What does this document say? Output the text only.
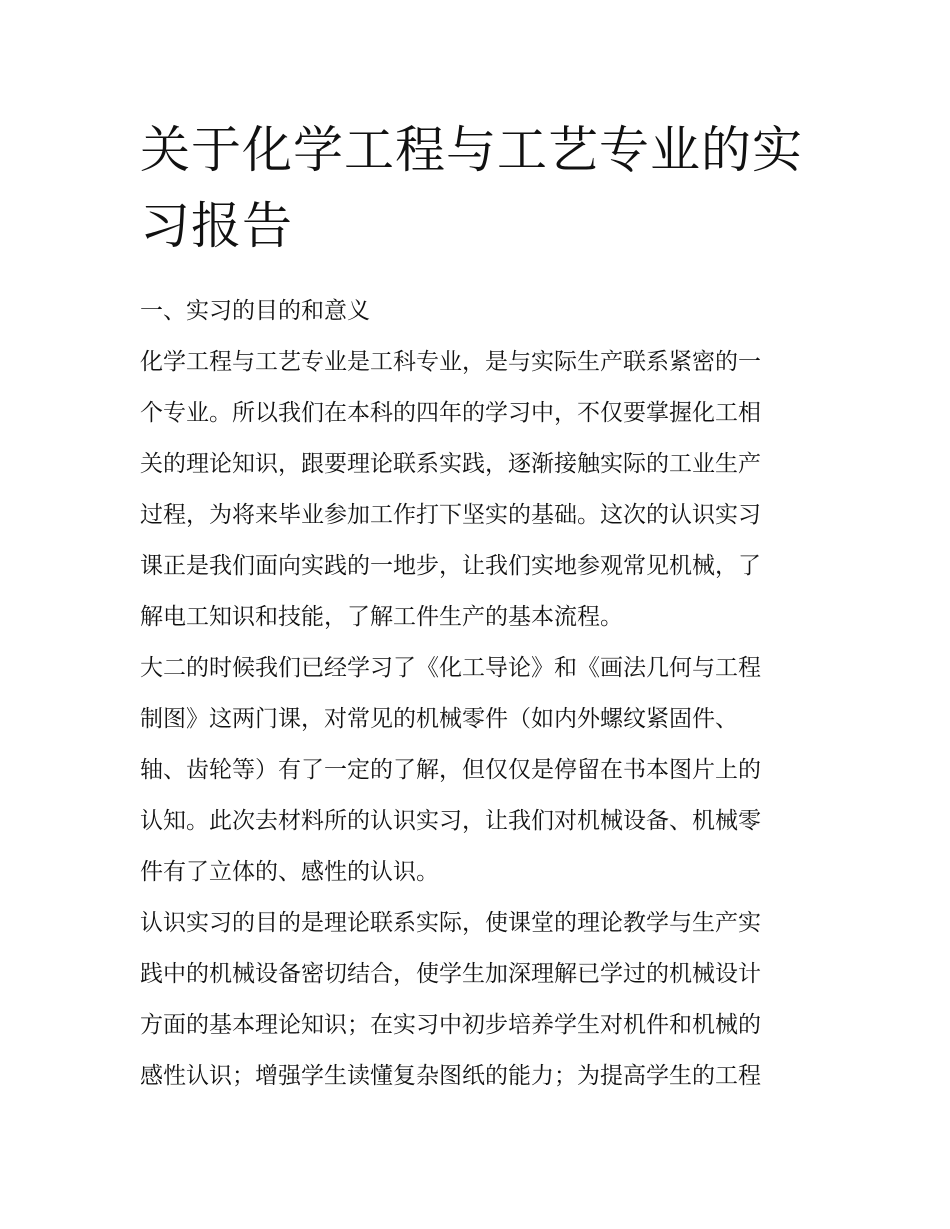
关于化学工程与工艺专业的实
习报告

一、实习的目的和意义

化学工程与工艺专业是工科专业，是与实际生产联系紧密的一
个专业。所以我们在本科的四年的学习中，不仅要掌握化工相
关的理论知识，跟要理论联系实践，逐渐接触实际的工业生产
过程，为将来毕业参加工作打下坚实的基础。这次的认识实习
课正是我们面向实践的一地步，让我们实地参观常见机械，了
解电工知识和技能，了解工件生产的基本流程。

大二的时候我们已经学习了《化工导论》和《画法几何与工程
制图》这两门课，对常见的机械零件（如内外螺纹紧固件、
轴、齿轮等）有了一定的了解，但仅仅是停留在书本图片上的
认知。此次去材料所的认识实习，让我们对机械设备、机械零
件有了立体的、感性的认识。

认识实习的目的是理论联系实际，使课堂的理论教学与生产实
践中的机械设备密切结合，使学生加深理解已学过的机械设计
方面的基本理论知识；在实习中初步培养学生对机件和机械的
感性认识；增强学生读懂复杂图纸的能力；为提高学生的工程
